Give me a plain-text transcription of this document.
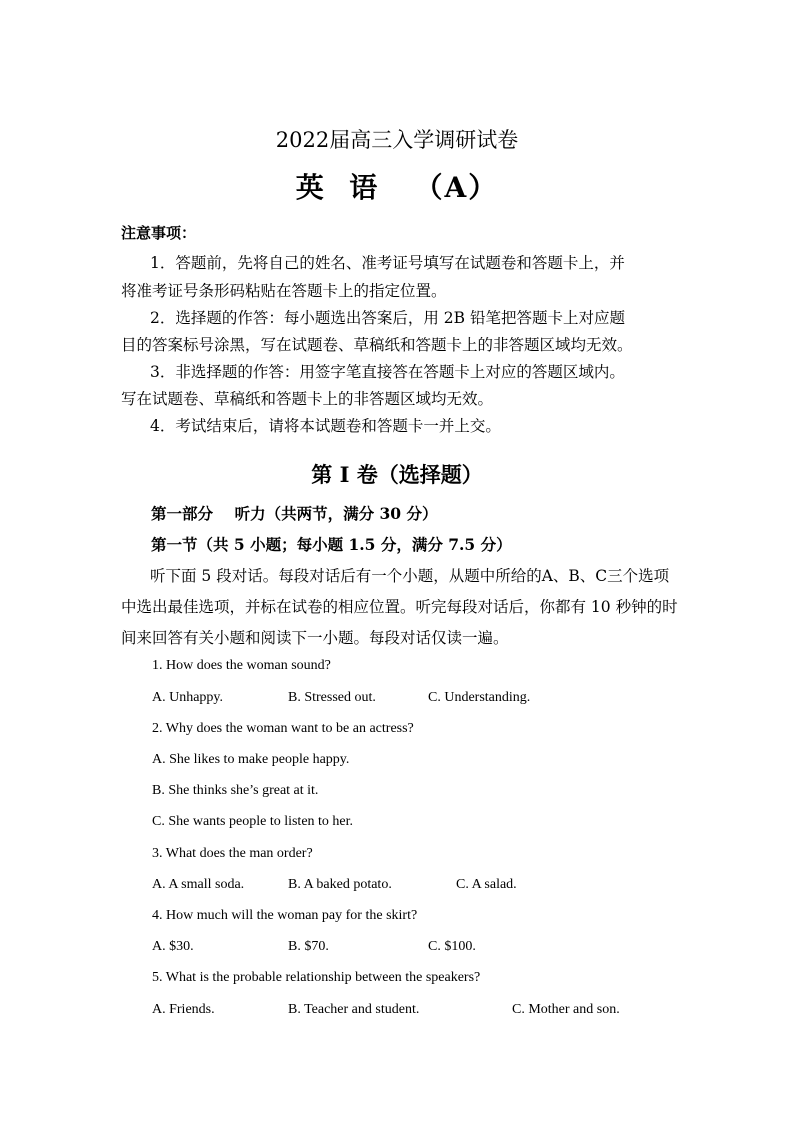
2022届高三入学调研试卷
英  语   （A）
注意事项：
1．答题前，先将自己的姓名、准考证号填写在试题卷和答题卡上，并
将准考证号条形码粘贴在答题卡上的指定位置。
2．选择题的作答：每小题选出答案后，用 2B 铅笔把答题卡上对应题
目的答案标号涂黑，写在试题卷、草稿纸和答题卡上的非答题区域均无效。
3．非选择题的作答：用签字笔直接答在答题卡上对应的答题区域内。
写在试题卷、草稿纸和答题卡上的非答题区域均无效。
4．考试结束后，请将本试题卷和答题卡一并上交。
第 I 卷（选择题）
第一部分    听力（共两节，满分 30 分）
第一节（共 5 小题；每小题 1.5 分，满分 7.5 分）
听下面 5 段对话。每段对话后有一个小题，从题中所给的A、B、C三个选项
中选出最佳选项，并标在试卷的相应位置。听完每段对话后，你都有 10 秒钟的时
间来回答有关小题和阅读下一小题。每段对话仅读一遍。
1. How does the woman sound?
A. Unhappy.	B. Stressed out.	C. Understanding.
2. Why does the woman want to be an actress?
A. She likes to make people happy.
B. She thinks she’s great at it.
C. She wants people to listen to her.
3. What does the man order?
A. A small soda.	B. A baked potato.	C. A salad.
4. How much will the woman pay for the skirt?
A. $30.	B. $70.	C. $100.
5. What is the probable relationship between the speakers?
A. Friends.	B. Teacher and student.	C. Mother and son.
